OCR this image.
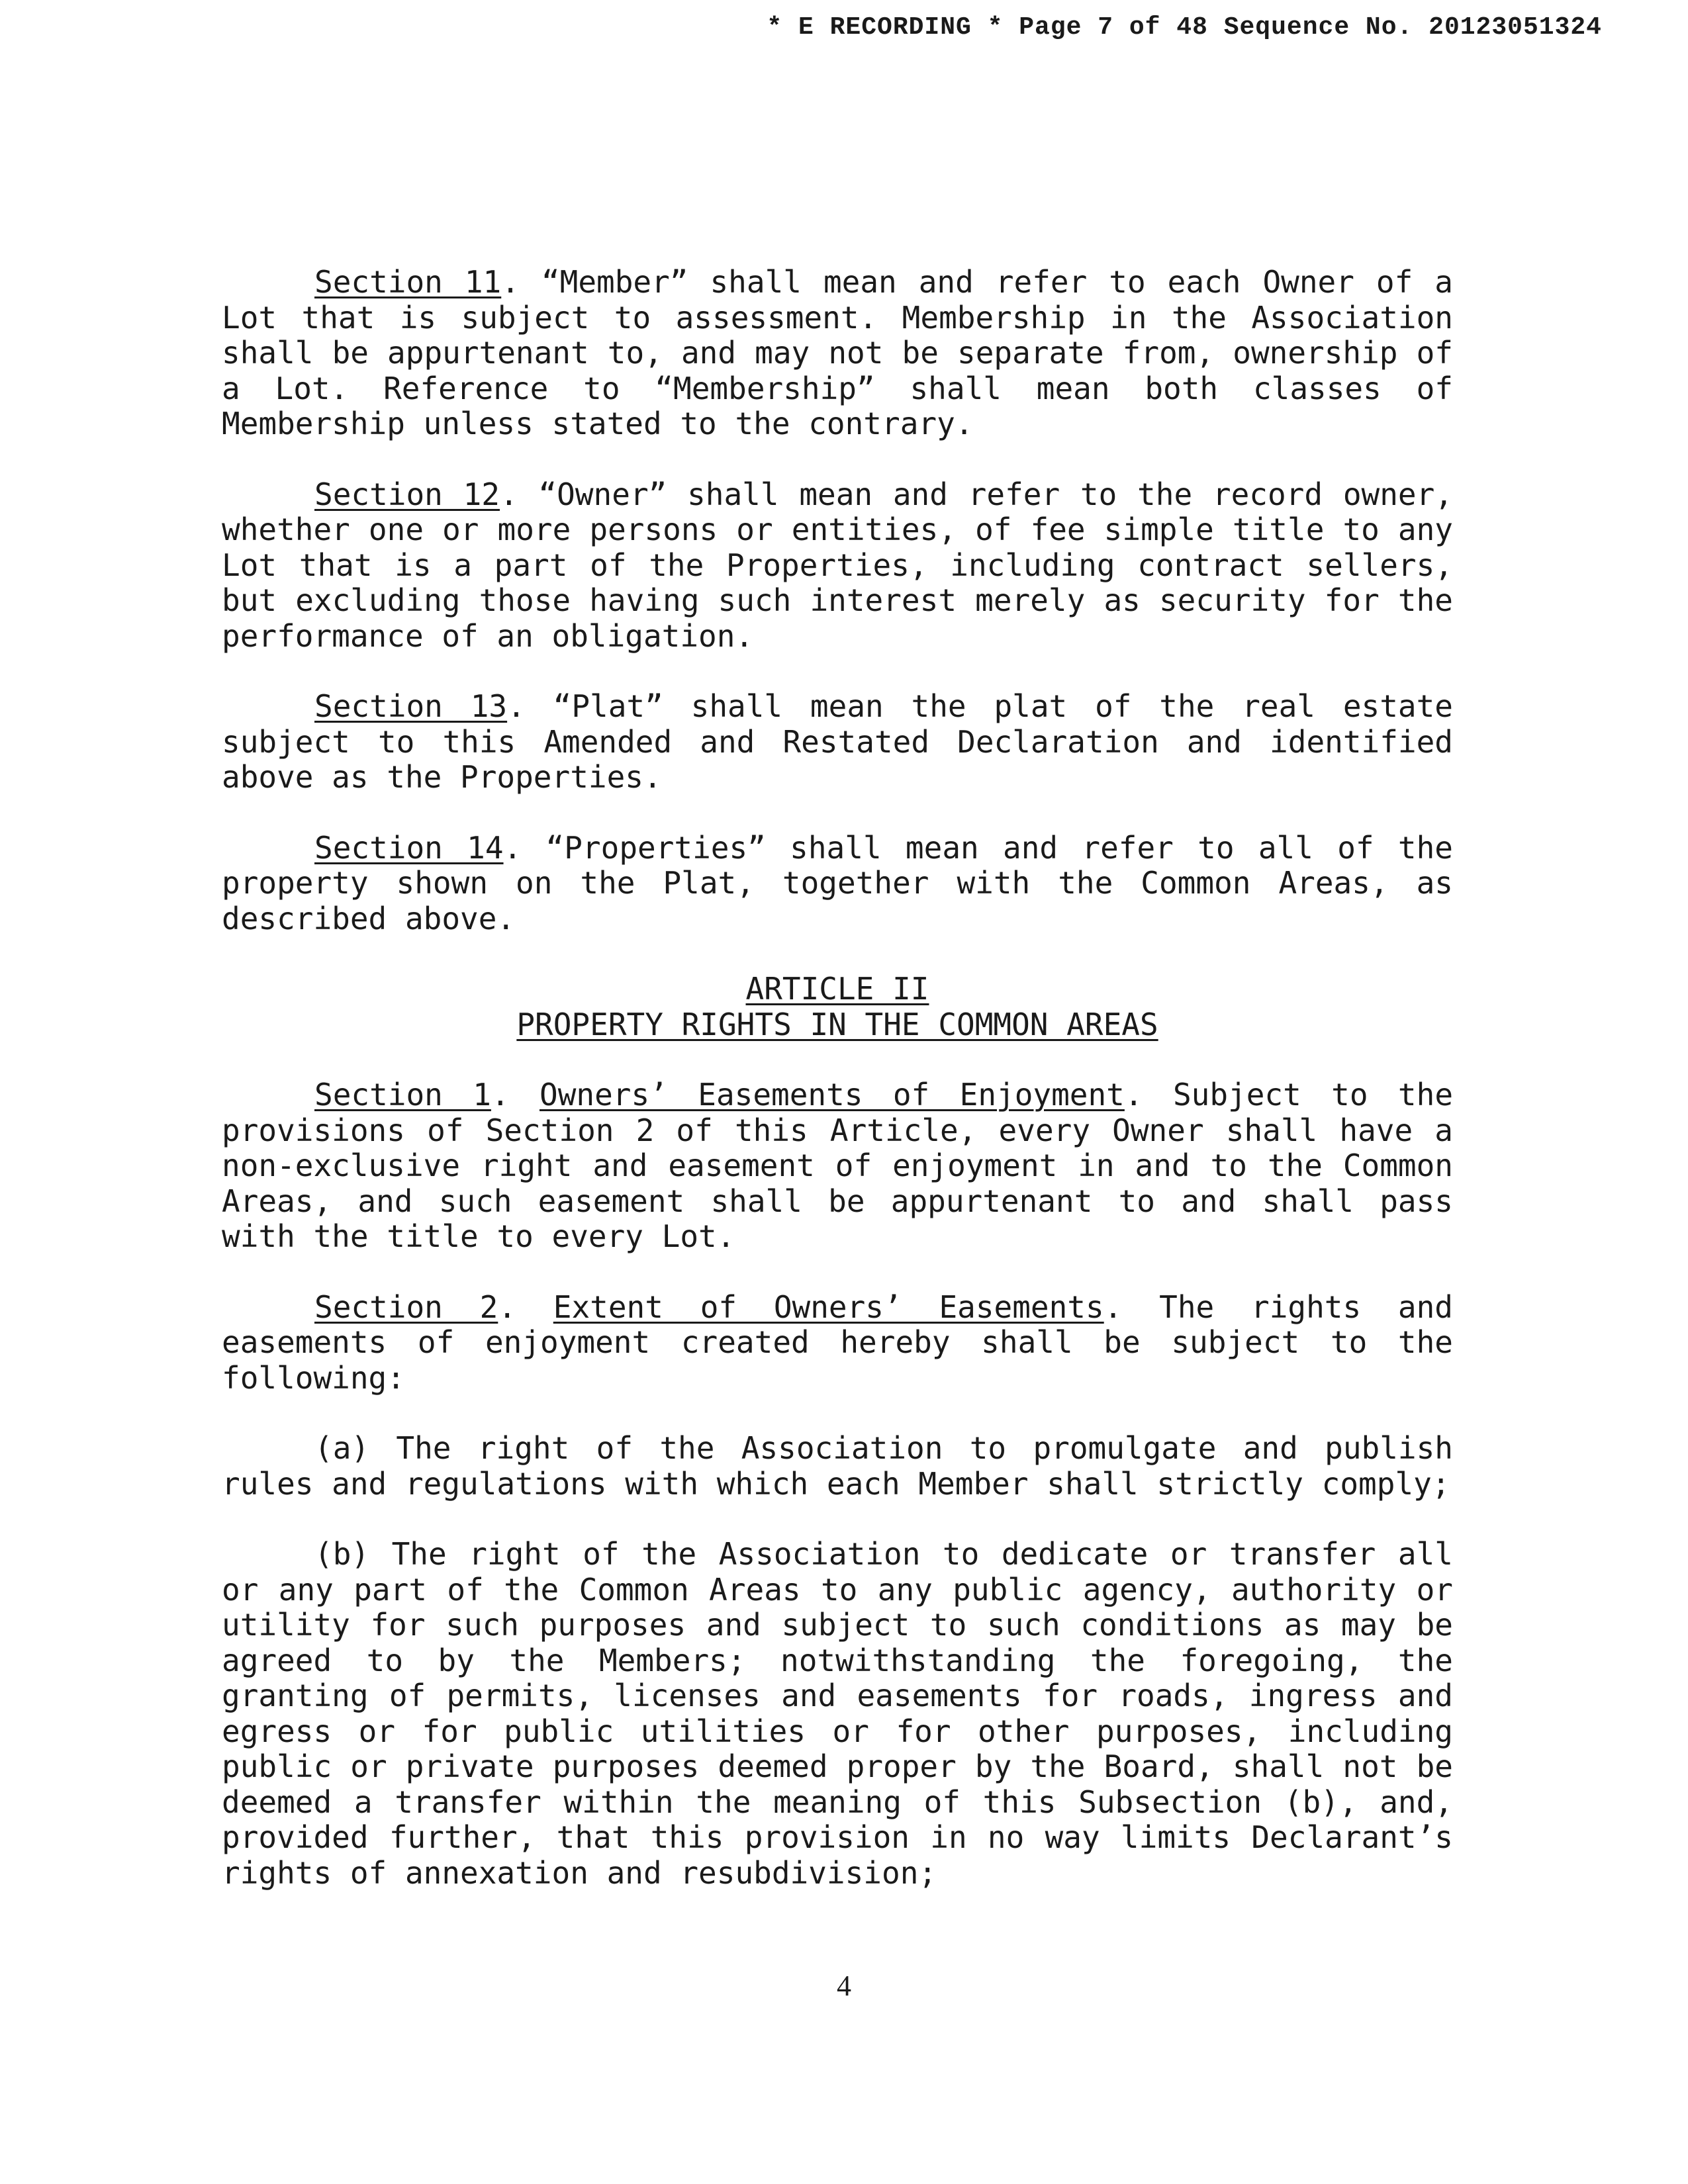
* E RECORDING * Page 7 of 48 Sequence No. 20123051324

Section 11. “Member” shall mean and refer to each Owner of a Lot that is subject to assessment. Membership in the Association shall be appurtenant to, and may not be separate from, ownership of a Lot. Reference to “Membership” shall mean both classes of Membership unless stated to the contrary.

Section 12. “Owner” shall mean and refer to the record owner, whether one or more persons or entities, of fee simple title to any Lot that is a part of the Properties, including contract sellers, but excluding those having such interest merely as security for the performance of an obligation.

Section 13. “Plat” shall mean the plat of the real estate subject to this Amended and Restated Declaration and identified above as the Properties.

Section 14. “Properties” shall mean and refer to all of the property shown on the Plat, together with the Common Areas, as described above.

ARTICLE II
PROPERTY RIGHTS IN THE COMMON AREAS

Section 1. Owners’ Easements of Enjoyment. Subject to the provisions of Section 2 of this Article, every Owner shall have a non-exclusive right and easement of enjoyment in and to the Common Areas, and such easement shall be appurtenant to and shall pass with the title to every Lot.

Section 2. Extent of Owners’ Easements. The rights and easements of enjoyment created hereby shall be subject to the following:

(a) The right of the Association to promulgate and publish rules and regulations with which each Member shall strictly comply;

(b) The right of the Association to dedicate or transfer all or any part of the Common Areas to any public agency, authority or utility for such purposes and subject to such conditions as may be agreed to by the Members; notwithstanding the foregoing, the granting of permits, licenses and easements for roads, ingress and egress or for public utilities or for other purposes, including public or private purposes deemed proper by the Board, shall not be deemed a transfer within the meaning of this Subsection (b), and, provided further, that this provision in no way limits Declarant’s rights of annexation and resubdivision;

4
